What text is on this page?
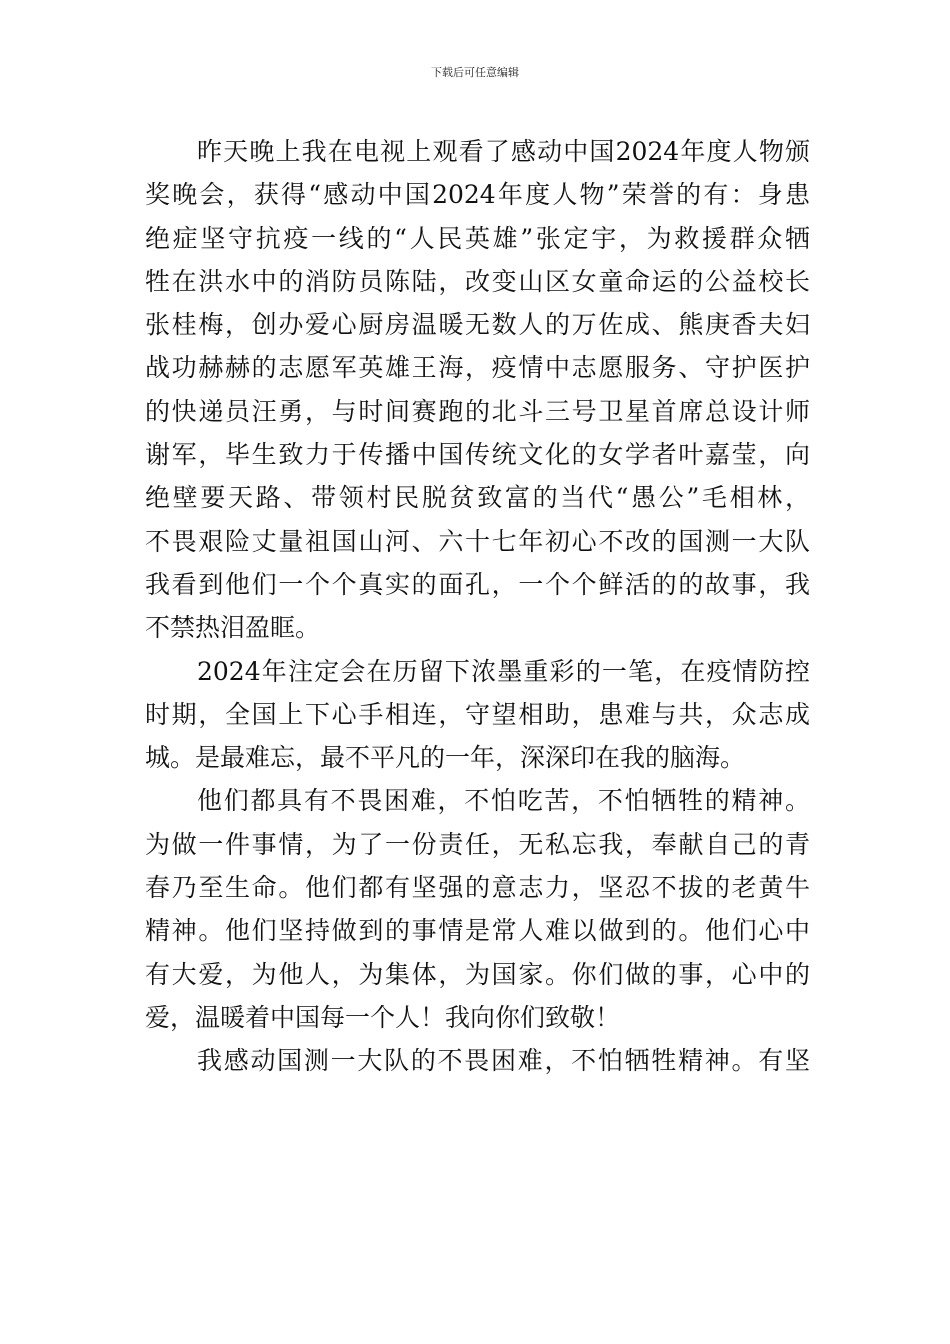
下载后可任意编辑
昨天晚上我在电视上观看了感动中国2024年度人物颁
奖晚会，获得“感动中国2024年度人物”荣誉的有：身患
绝症坚守抗疫一线的“人民英雄”张定宇，为救援群众牺
牲在洪水中的消防员陈陆，改变山区女童命运的公益校长
张桂梅，创办爱心厨房温暖无数人的万佐成、熊庚香夫妇
战功赫赫的志愿军英雄王海，疫情中志愿服务、守护医护
的快递员汪勇，与时间赛跑的北斗三号卫星首席总设计师
谢军，毕生致力于传播中国传统文化的女学者叶嘉莹，向
绝壁要天路、带领村民脱贫致富的当代“愚公”毛相林，
不畏艰险丈量祖国山河、六十七年初心不改的国测一大队
我看到他们一个个真实的面孔，一个个鲜活的的故事，我
不禁热泪盈眶。
2024年注定会在历留下浓墨重彩的一笔，在疫情防控
时期，全国上下心手相连，守望相助，患难与共，众志成
城。是最难忘，最不平凡的一年，深深印在我的脑海。
他们都具有不畏困难，不怕吃苦，不怕牺牲的精神。
为做一件事情，为了一份责任，无私忘我，奉献自己的青
春乃至生命。他们都有坚强的意志力，坚忍不拔的老黄牛
精神。他们坚持做到的事情是常人难以做到的。他们心中
有大爱，为他人，为集体，为国家。你们做的事，心中的
爱，温暖着中国每一个人！我向你们致敬！
我感动国测一大队的不畏困难，不怕牺牲精神。有坚
